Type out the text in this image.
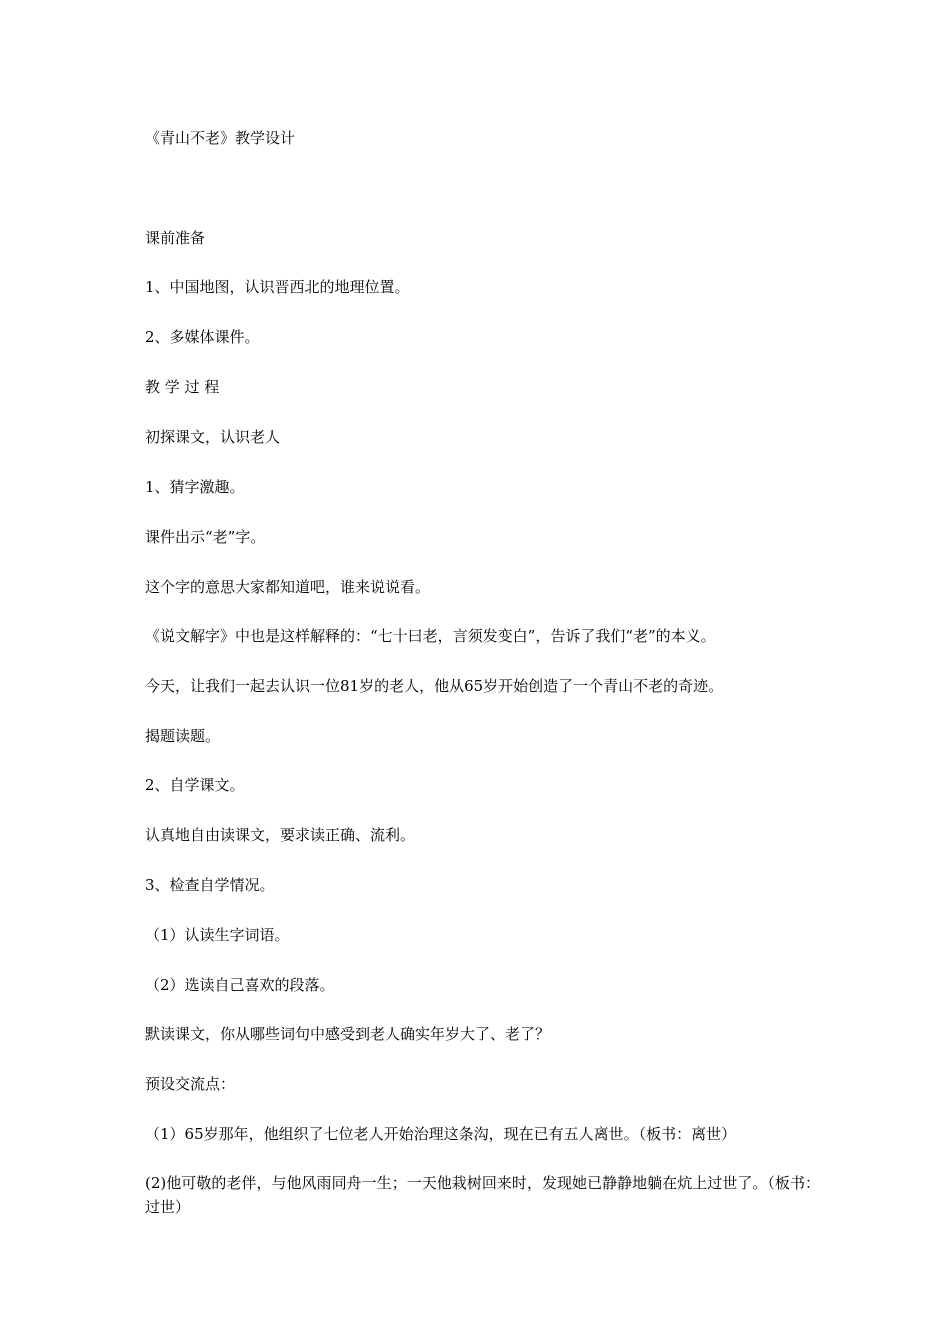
《青山不老》教学设计
课前准备
1、中国地图，认识晋西北的地理位置。
2、多媒体课件。
教 学 过 程
初探课文，认识老人
1、猜字激趣。
课件出示“老”字。
这个字的意思大家都知道吧，谁来说说看。
《说文解字》中也是这样解释的：“七十曰老，言须发变白”，告诉了我们“老”的本义。
今天，让我们一起去认识一位81岁的老人，他从65岁开始创造了一个青山不老的奇迹。
揭题读题。
2、自学课文。
认真地自由读课文，要求读正确、流利。
3、检查自学情况。
（1）认读生字词语。
（2）选读自己喜欢的段落。
默读课文，你从哪些词句中感受到老人确实年岁大了、老了？
预设交流点：
（1）65岁那年，他组织了七位老人开始治理这条沟，现在已有五人离世。（板书：离世）
(2)他可敬的老伴，与他风雨同舟一生；一天他栽树回来时，发现她已静静地躺在炕上过世了。（板书：过世）
